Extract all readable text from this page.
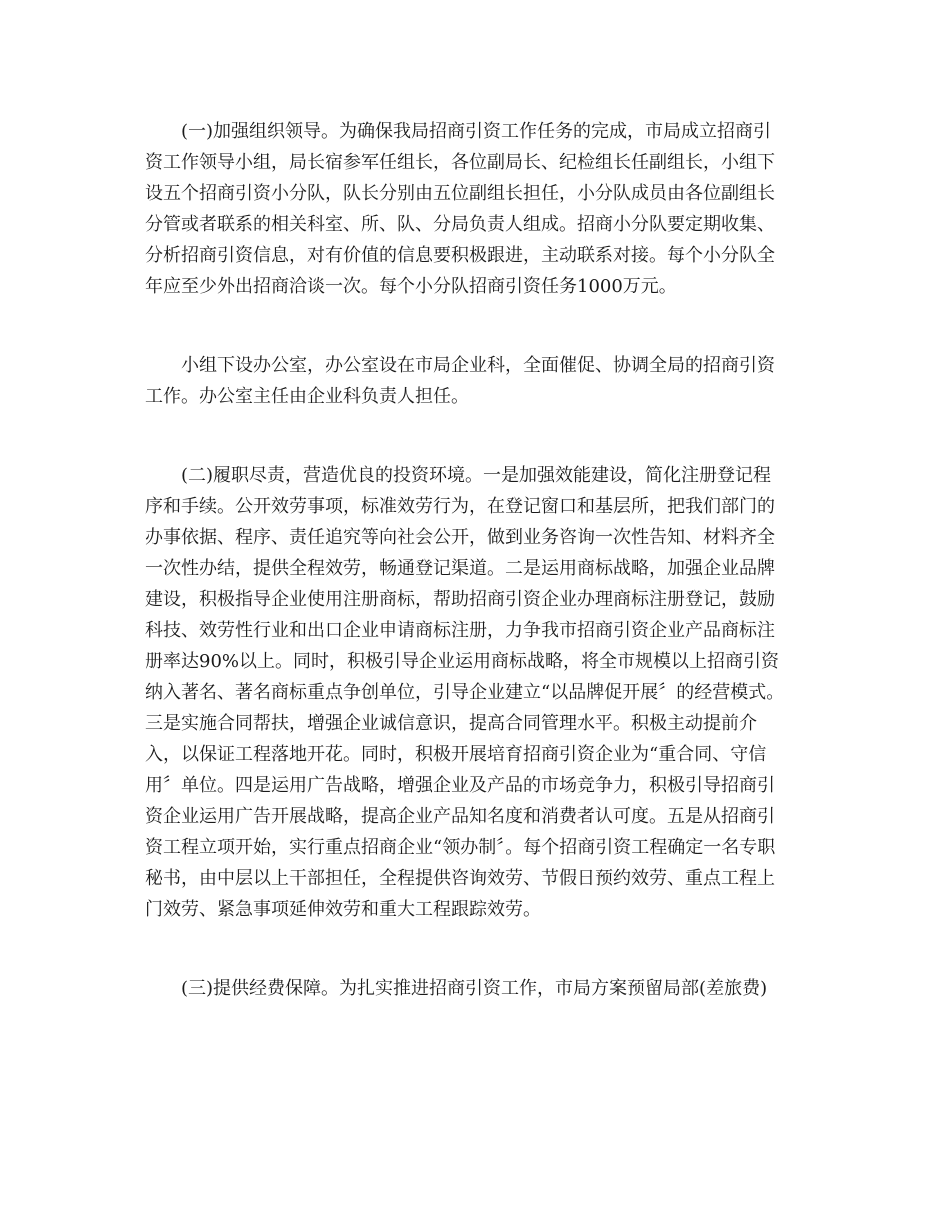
　　(一)加强组织领导。为确保我局招商引资工作任务的完成，市局成立招商引
资工作领导小组，局长宿参军任组长，各位副局长、纪检组长任副组长，小组下
设五个招商引资小分队，队长分别由五位副组长担任，小分队成员由各位副组长
分管或者联系的相关科室、所、队、分局负责人组成。招商小分队要定期收集、
分析招商引资信息，对有价值的信息要积极跟进，主动联系对接。每个小分队全
年应至少外出招商洽谈一次。每个小分队招商引资任务1000万元。
　　小组下设办公室，办公室设在市局企业科，全面催促、协调全局的招商引资
工作。办公室主任由企业科负责人担任。
　　(二)履职尽责，营造优良的投资环境。一是加强效能建设，简化注册登记程
序和手续。公开效劳事项，标准效劳行为，在登记窗口和基层所，把我们部门的
办事依据、程序、责任追究等向社会公开，做到业务咨询一次性告知、材料齐全
一次性办结，提供全程效劳，畅通登记渠道。二是运用商标战略，加强企业品牌
建设，积极指导企业使用注册商标，帮助招商引资企业办理商标注册登记，鼓励
科技、效劳性行业和出口企业申请商标注册，力争我市招商引资企业产品商标注
册率达90%以上。同时，积极引导企业运用商标战略，将全市规模以上招商引资
纳入著名、著名商标重点争创单位，引导企业建立“以品牌促开展〞的经营模式。
三是实施合同帮扶，增强企业诚信意识，提高合同管理水平。积极主动提前介
入，以保证工程落地开花。同时，积极开展培育招商引资企业为“重合同、守信
用〞单位。四是运用广告战略，增强企业及产品的市场竞争力，积极引导招商引
资企业运用广告开展战略，提高企业产品知名度和消费者认可度。五是从招商引
资工程立项开始，实行重点招商企业“领办制〞。每个招商引资工程确定一名专职
秘书，由中层以上干部担任，全程提供咨询效劳、节假日预约效劳、重点工程上
门效劳、紧急事项延伸效劳和重大工程跟踪效劳。
　　(三)提供经费保障。为扎实推进招商引资工作，市局方案预留局部(差旅费)
